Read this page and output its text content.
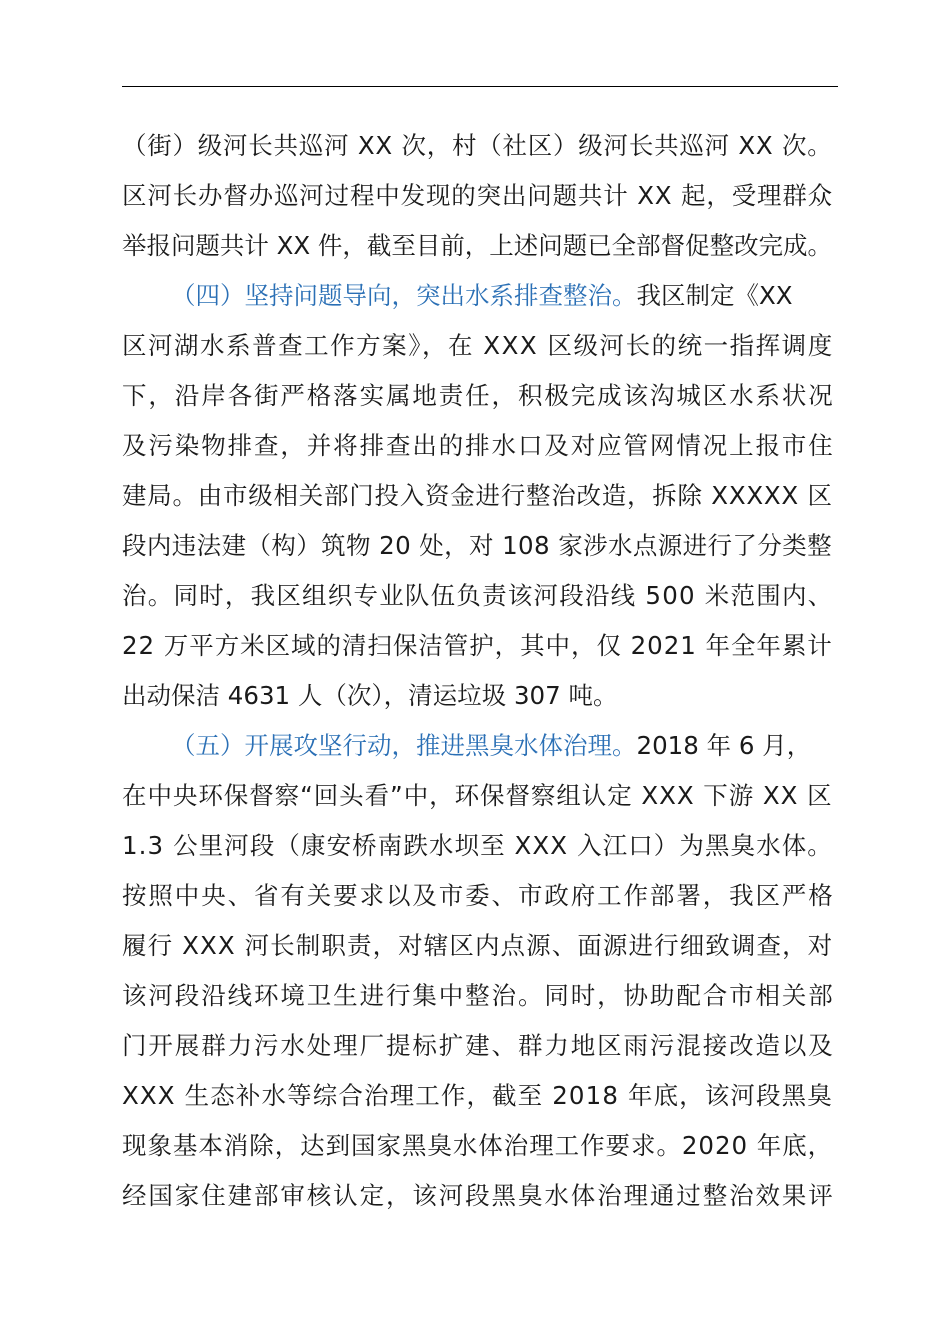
（街）级河长共巡河 XX 次，村（社区）级河长共巡河 XX 次。
区河长办督办巡河过程中发现的突出问题共计 XX 起，受理群众
举报问题共计 XX 件，截至目前，上述问题已全部督促整改完成。
（四）坚持问题导向，突出水系排查整治。 我区制定《XX
区河湖水系普查工作方案》，在 XXX 区级河长的统一指挥调度
下，沿岸各街严格落实属地责任，积极完成该沟城区水系状况
及污染物排查，并将排查出的排水口及对应管网情况上报市住
建局。由市级相关部门投入资金进行整治改造，拆除 XXXXX 区
段内违法建（构）筑物 20 处，对 108 家涉水点源进行了分类整
治。同时，我区组织专业队伍负责该河段沿线 500 米范围内、
22 万平方米区域的清扫保洁管护，其中，仅 2021 年全年累计
出动保洁 4631 人（次），清运垃圾 307 吨。
（五）开展攻坚行动，推进黑臭水体治理。 2018 年 6 月，
在中央环保督察“回头看”中，环保督察组认定 XXX 下游 XX 区
1.3 公里河段（康安桥南跌水坝至 XXX 入江口）为黑臭水体。
按照中央、省有关要求以及市委、市政府工作部署，我区严格
履行 XXX 河长制职责，对辖区内点源、面源进行细致调查，对
该河段沿线环境卫生进行集中整治。同时，协助配合市相关部
门开展群力污水处理厂提标扩建、群力地区雨污混接改造以及
XXX 生态补水等综合治理工作，截至 2018 年底，该河段黑臭
现象基本消除，达到国家黑臭水体治理工作要求。2020 年底，
经国家住建部审核认定，该河段黑臭水体治理通过整治效果评
